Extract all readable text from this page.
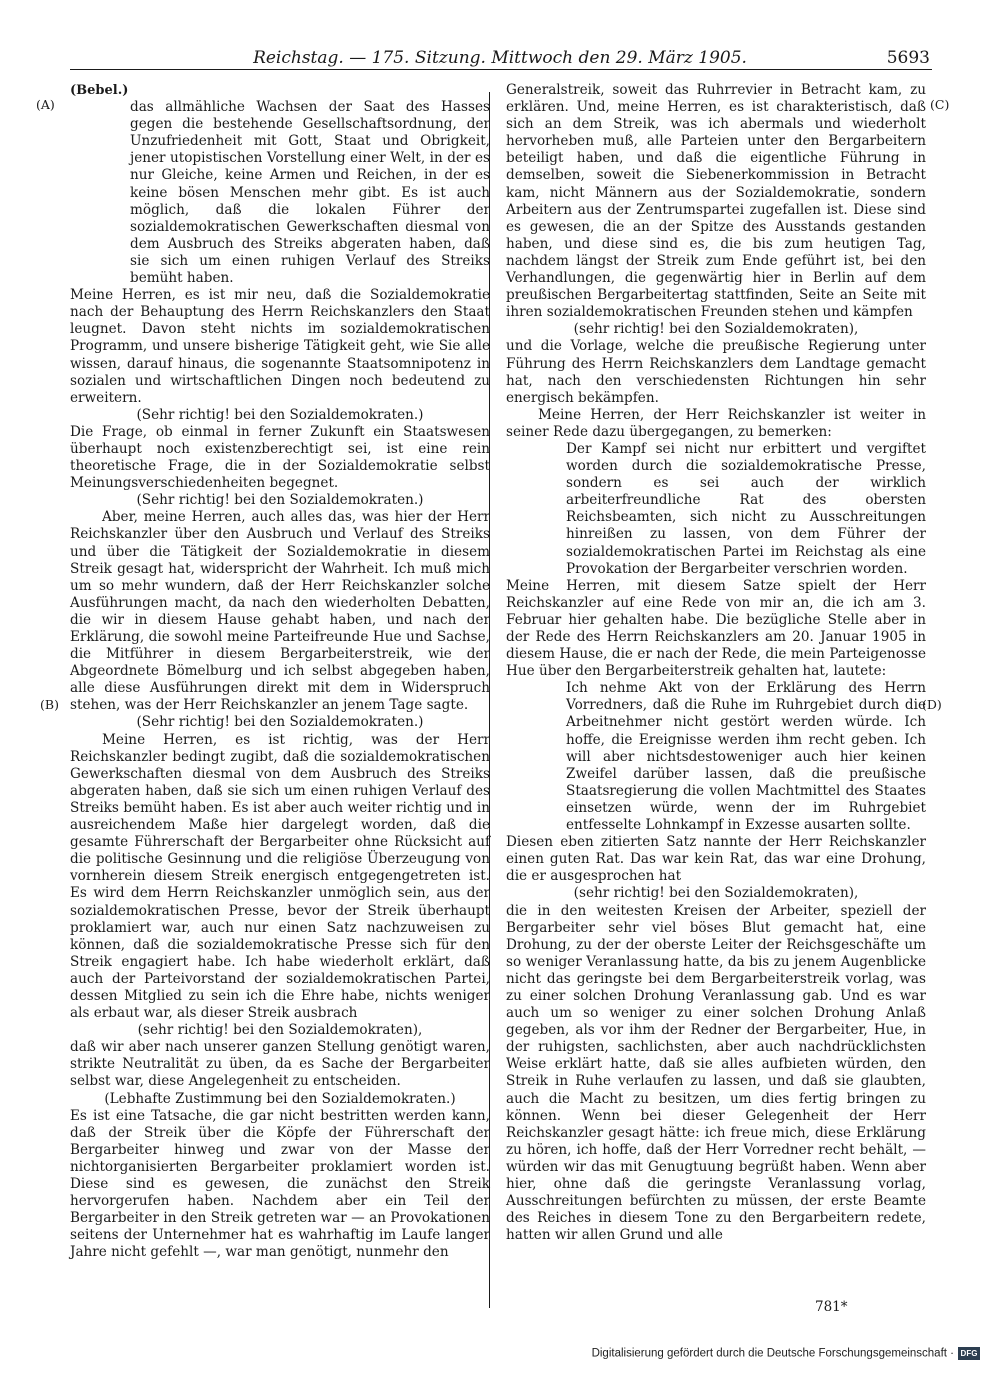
Reichstag. — 175. Sitzung. Mittwoch den 29. März 1905.	5693
(A)
(B)
(C)
(D)

(Bebel.)

das allmähliche Wachsen der Saat des Hasses gegen die bestehende Gesellschaftsordnung, der Unzufriedenheit mit Gott, Staat und Obrigkeit, jener utopistischen Vorstellung einer Welt, in der es nur Gleiche, keine Armen und Reichen, in der es keine bösen Menschen mehr gibt. Es ist auch möglich, daß die lokalen Führer der sozialdemokratischen Gewerkschaften diesmal von dem Ausbruch des Streiks abgeraten haben, daß sie sich um einen ruhigen Verlauf des Streiks bemüht haben.

Meine Herren, es ist mir neu, daß die Sozialdemokratie nach der Behauptung des Herrn Reichskanzlers den Staat leugnet. Davon steht nichts im sozialdemokratischen Programm, und unsere bisherige Tätigkeit geht, wie Sie alle wissen, darauf hinaus, die sogenannte Staatsomnipotenz in sozialen und wirtschaftlichen Dingen noch bedeutend zu erweitern.

(Sehr richtig! bei den Sozialdemokraten.)

Die Frage, ob einmal in ferner Zukunft ein Staatswesen überhaupt noch existenzberechtigt sei, ist eine rein theoretische Frage, die in der Sozialdemokratie selbst Meinungsverschiedenheiten begegnet.

(Sehr richtig! bei den Sozialdemokraten.)

Aber, meine Herren, auch alles das, was hier der Herr Reichskanzler über den Ausbruch und Verlauf des Streiks und über die Tätigkeit der Sozialdemokratie in diesem Streik gesagt hat, widerspricht der Wahrheit. Ich muß mich um so mehr wundern, daß der Herr Reichskanzler solche Ausführungen macht, da nach den wiederholten Debatten, die wir in diesem Hause gehabt haben, und nach der Erklärung, die sowohl meine Parteifreunde Hue und Sachse, die Mitführer in diesem Bergarbeiterstreik, wie der Abgeordnete Bömelburg und ich selbst abgegeben haben, alle diese Ausführungen direkt mit dem in Widerspruch stehen, was der Herr Reichskanzler an jenem Tage sagte.

(Sehr richtig! bei den Sozialdemokraten.)

Meine Herren, es ist richtig, was der Herr Reichskanzler bedingt zugibt, daß die sozialdemokratischen Gewerkschaften diesmal von dem Ausbruch des Streiks abgeraten haben, daß sie sich um einen ruhigen Verlauf des Streiks bemüht haben. Es ist aber auch weiter richtig und in ausreichendem Maße hier dargelegt worden, daß die gesamte Führerschaft der Bergarbeiter ohne Rücksicht auf die politische Gesinnung und die religiöse Überzeugung von vornherein diesem Streik energisch entgegengetreten ist. Es wird dem Herrn Reichskanzler unmöglich sein, aus der sozialdemokratischen Presse, bevor der Streik überhaupt proklamiert war, auch nur einen Satz nachzuweisen zu können, daß die sozialdemokratische Presse sich für den Streik engagiert habe. Ich habe wiederholt erklärt, daß auch der Parteivorstand der sozialdemokratischen Partei, dessen Mitglied zu sein ich die Ehre habe, nichts weniger als erbaut war, als dieser Streik ausbrach

(sehr richtig! bei den Sozialdemokraten),

daß wir aber nach unserer ganzen Stellung genötigt waren, strikte Neutralität zu üben, da es Sache der Bergarbeiter selbst war, diese Angelegenheit zu entscheiden.

(Lebhafte Zustimmung bei den Sozialdemokraten.)

Es ist eine Tatsache, die gar nicht bestritten werden kann, daß der Streik über die Köpfe der Führerschaft der Bergarbeiter hinweg und zwar von der Masse der nichtorganisierten Bergarbeiter proklamiert worden ist. Diese sind es gewesen, die zunächst den Streik hervorgerufen haben. Nachdem aber ein Teil der Bergarbeiter in den Streik getreten war — an Provokationen seitens der Unternehmer hat es wahrhaftig im Laufe langer Jahre nicht gefehlt —, war man genötigt, nunmehr den

Generalstreik, soweit das Ruhrrevier in Betracht kam, zu erklären. Und, meine Herren, es ist charakteristisch, daß sich an dem Streik, was ich abermals und wiederholt hervorheben muß, alle Parteien unter den Bergarbeitern beteiligt haben, und daß die eigentliche Führung in demselben, soweit die Siebenerkommission in Betracht kam, nicht Männern aus der Sozialdemokratie, sondern Arbeitern aus der Zentrumspartei zugefallen ist. Diese sind es gewesen, die an der Spitze des Ausstands gestanden haben, und diese sind es, die bis zum heutigen Tag, nachdem längst der Streik zum Ende geführt ist, bei den Verhandlungen, die gegenwärtig hier in Berlin auf dem preußischen Bergarbeitertag stattfinden, Seite an Seite mit ihren sozialdemokratischen Freunden stehen und kämpfen

(sehr richtig! bei den Sozialdemokraten),

und die Vorlage, welche die preußische Regierung unter Führung des Herrn Reichskanzlers dem Landtage gemacht hat, nach den verschiedensten Richtungen hin sehr energisch bekämpfen.

Meine Herren, der Herr Reichskanzler ist weiter in seiner Rede dazu übergegangen, zu bemerken:

Der Kampf sei nicht nur erbittert und vergiftet worden durch die sozialdemokratische Presse, sondern es sei auch der wirklich arbeiterfreundliche Rat des obersten Reichsbeamten, sich nicht zu Ausschreitungen hinreißen zu lassen, von dem Führer der sozialdemokratischen Partei im Reichstag als eine Provokation der Bergarbeiter verschrien worden.

Meine Herren, mit diesem Satze spielt der Herr Reichskanzler auf eine Rede von mir an, die ich am 3. Februar hier gehalten habe. Die bezügliche Stelle aber in der Rede des Herrn Reichskanzlers am 20. Januar 1905 in diesem Hause, die er nach der Rede, die mein Parteigenosse Hue über den Bergarbeiterstreik gehalten hat, lautete:

Ich nehme Akt von der Erklärung des Herrn Vorredners, daß die Ruhe im Ruhrgebiet durch die Arbeitnehmer nicht gestört werden würde. Ich hoffe, die Ereignisse werden ihm recht geben. Ich will aber nichtsdestoweniger auch hier keinen Zweifel darüber lassen, daß die preußische Staatsregierung die vollen Machtmittel des Staates einsetzen würde, wenn der im Ruhrgebiet entfesselte Lohnkampf in Exzesse ausarten sollte.

Diesen eben zitierten Satz nannte der Herr Reichskanzler einen guten Rat. Das war kein Rat, das war eine Drohung, die er ausgesprochen hat

(sehr richtig! bei den Sozialdemokraten),

die in den weitesten Kreisen der Arbeiter, speziell der Bergarbeiter sehr viel böses Blut gemacht hat, eine Drohung, zu der der oberste Leiter der Reichsgeschäfte um so weniger Veranlassung hatte, da bis zu jenem Augenblicke nicht das geringste bei dem Bergarbeiterstreik vorlag, was zu einer solchen Drohung Veranlassung gab. Und es war auch um so weniger zu einer solchen Drohung Anlaß gegeben, als vor ihm der Redner der Bergarbeiter, Hue, in der ruhigsten, sachlichsten, aber auch nachdrücklichsten Weise erklärt hatte, daß sie alles aufbieten würden, den Streik in Ruhe verlaufen zu lassen, und daß sie glaubten, auch die Macht zu besitzen, um dies fertig bringen zu können. Wenn bei dieser Gelegenheit der Herr Reichskanzler gesagt hätte: ich freue mich, diese Erklärung zu hören, ich hoffe, daß der Herr Vorredner recht behält, — würden wir das mit Genugtuung begrüßt haben. Wenn aber hier, ohne daß die geringste Veranlassung vorlag, Ausschreitungen befürchten zu müssen, der erste Beamte des Reiches in diesem Tone zu den Bergarbeitern redete, hatten wir allen Grund und alle

781*
Digitalisierung gefördert durch die Deutsche Forschungsgemeinschaft · DFG
